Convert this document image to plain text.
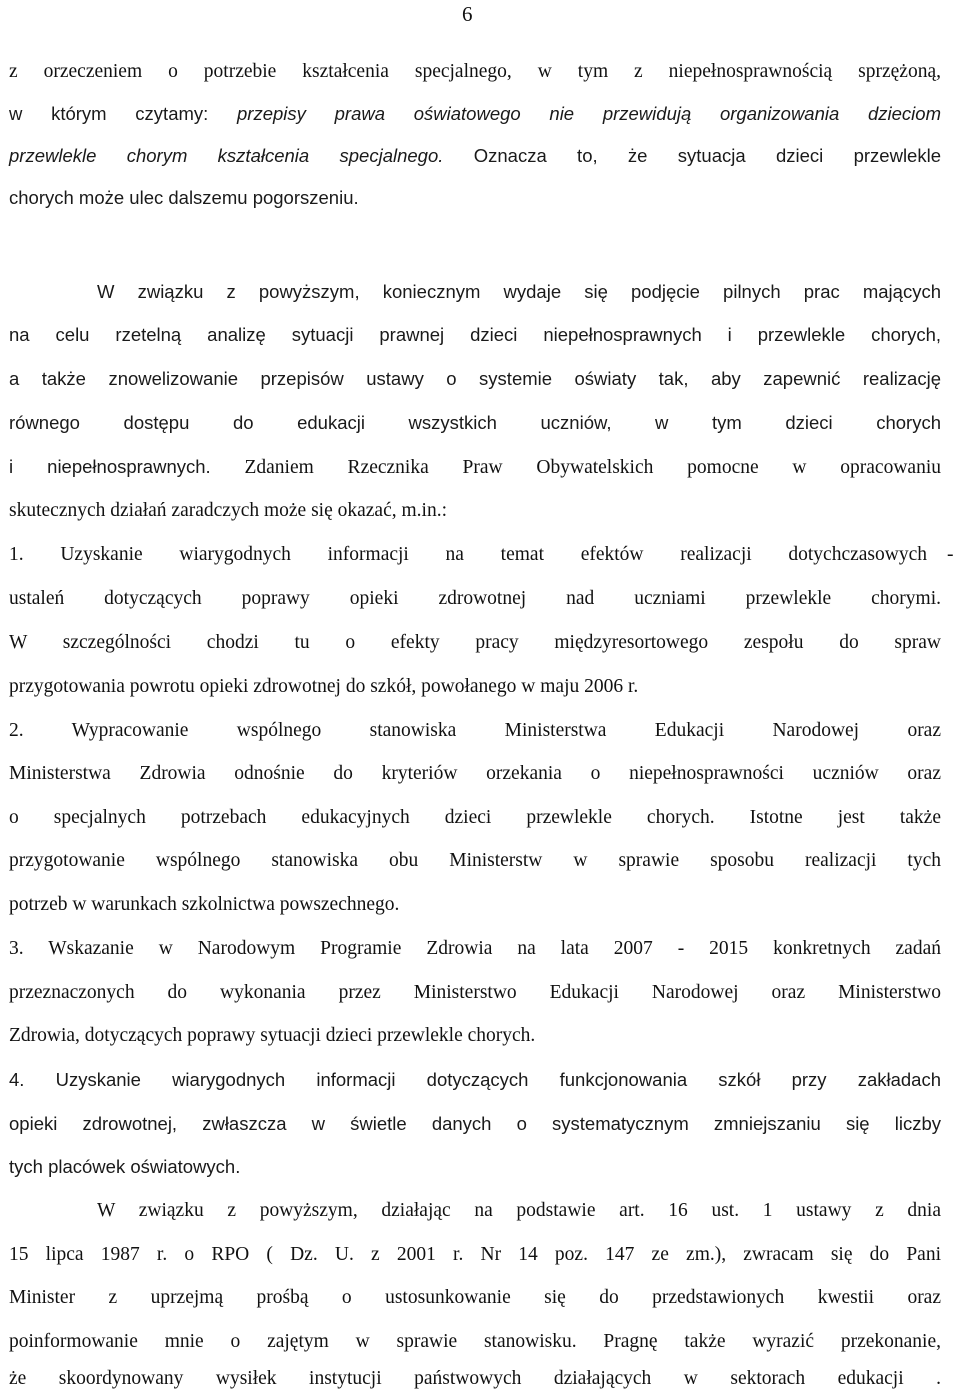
6
z orzeczeniem o potrzebie kształcenia specjalnego, w tym z niepełnosprawnością sprzężoną,
w którym czytamy: przepisy prawa oświatowego nie przewidują organizowania dzieciom
przewlekle chorym kształcenia specjalnego. Oznacza to, że sytuacja dzieci przewlekle
chorych może ulec dalszemu pogorszeniu.
W związku z powyższym, koniecznym wydaje się podjęcie pilnych prac mających
na celu rzetelną analizę sytuacji prawnej dzieci niepełnosprawnych i przewlekle chorych,
a także znowelizowanie przepisów ustawy o systemie oświaty tak, aby zapewnić realizację
równego dostępu do edukacji wszystkich uczniów, w tym dzieci chorych
i niepełnosprawnych. Zdaniem Rzecznika Praw Obywatelskich pomocne w opracowaniu
skutecznych działań zaradczych może się okazać, m.in.:
1. Uzyskanie wiarygodnych informacji na temat efektów realizacji dotychczasowych -
ustaleń dotyczących poprawy opieki zdrowotnej nad uczniami przewlekle chorymi.
W szczególności chodzi tu o efekty pracy międzyresortowego zespołu do spraw
przygotowania powrotu opieki zdrowotnej do szkół, powołanego w maju 2006 r.
2. Wypracowanie wspólnego stanowiska Ministerstwa Edukacji Narodowej oraz
Ministerstwa Zdrowia odnośnie do kryteriów orzekania o niepełnosprawności uczniów oraz
o specjalnych potrzebach edukacyjnych dzieci przewlekle chorych. Istotne jest także
przygotowanie wspólnego stanowiska obu Ministerstw w sprawie sposobu realizacji tych
potrzeb w warunkach szkolnictwa powszechnego.
3. Wskazanie w Narodowym Programie Zdrowia na lata 2007 - 2015 konkretnych zadań
przeznaczonych do wykonania przez Ministerstwo Edukacji Narodowej oraz Ministerstwo
Zdrowia, dotyczących poprawy sytuacji dzieci przewlekle chorych.
4. Uzyskanie wiarygodnych informacji dotyczących funkcjonowania szkół przy zakładach
opieki zdrowotnej, zwłaszcza w świetle danych o systematycznym zmniejszaniu się liczby
tych placówek oświatowych.
W związku z powyższym, działając na podstawie art. 16 ust. 1 ustawy z dnia
15 lipca 1987 r. o RPO ( Dz. U. z 2001 r. Nr 14 poz. 147 ze zm.), zwracam się do Pani
Minister z uprzejmą prośbą o ustosunkowanie się do przedstawionych kwestii oraz
poinformowanie mnie o zajętym w sprawie stanowisku. Pragnę także wyrazić przekonanie,
że skoordynowany wysiłek instytucji państwowych działających w sektorach edukacji .
